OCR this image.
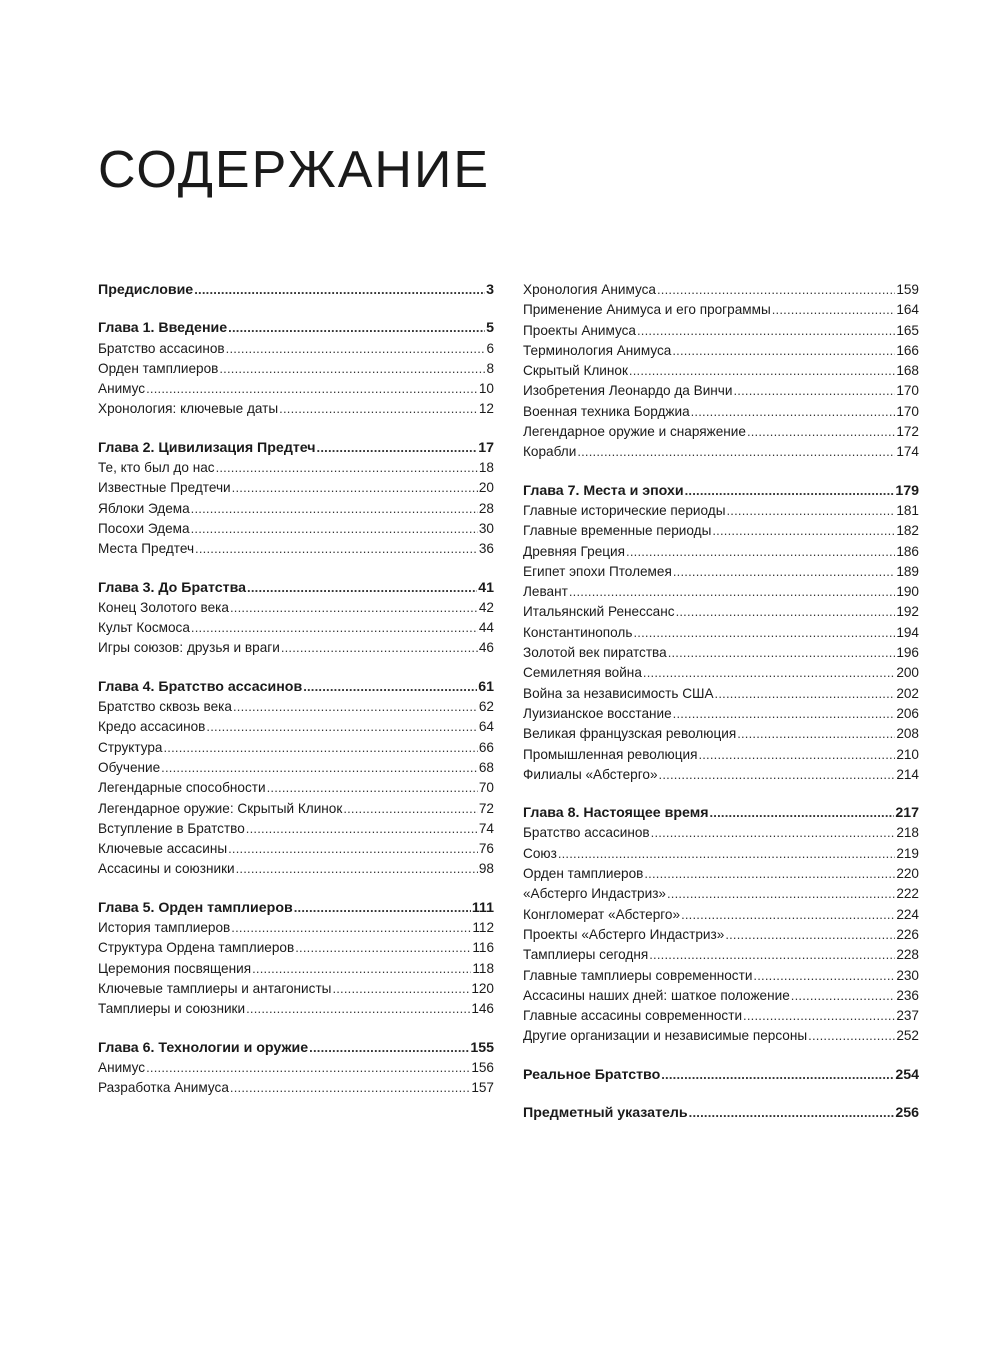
СОДЕРЖАНИЕ
Предисловие .....	3
Глава 1. Введение .....	5
Братство ассасинов .....	6
Орден тамплиеров .....	8
Анимус .....	10
Хронология: ключевые даты .....	12
Глава 2. Цивилизация Предтеч .....	17
Те, кто был до нас .....	18
Известные Предтечи .....	20
Яблоки Эдема .....	28
Посохи Эдема .....	30
Места Предтеч .....	36
Глава 3. До Братства .....	41
Конец Золотого века .....	42
Культ Космоса .....	44
Игры союзов: друзья и враги .....	46
Глава 4. Братство ассасинов .....	61
Братство сквозь века .....	62
Кредо ассасинов .....	64
Структура .....	66
Обучение .....	68
Легендарные способности .....	70
Легендарное оружие: Скрытый Клинок .....	72
Вступление в Братство .....	74
Ключевые ассасины .....	76
Ассасины и союзники .....	98
Глава 5. Орден тамплиеров .....	111
История тамплиеров .....	112
Структура Ордена тамплиеров .....	116
Церемония посвящения .....	118
Ключевые тамплиеры и антагонисты .....	120
Тамплиеры и союзники .....	146
Глава 6. Технологии и оружие .....	155
Анимус .....	156
Разработка Анимуса .....	157
Хронология Анимуса .....	159
Применение Анимуса и его программы .....	164
Проекты Анимуса .....	165
Терминология Анимуса .....	166
Скрытый Клинок .....	168
Изобретения Леонардо да Винчи .....	170
Военная техника Борджиа .....	170
Легендарное оружие и снаряжение .....	172
Корабли .....	174
Глава 7. Места и эпохи .....	179
Главные исторические периоды .....	181
Главные временные периоды .....	182
Древняя Греция .....	186
Египет эпохи Птолемея .....	189
Левант .....	190
Итальянский Ренессанс .....	192
Константинополь .....	194
Золотой век пиратства .....	196
Семилетняя война .....	200
Война за независимость США .....	202
Луизианское восстание .....	206
Великая французская революция .....	208
Промышленная революция .....	210
Филиалы «Абстерго» .....	214
Глава 8. Настоящее время .....	217
Братство ассасинов .....	218
Союз .....	219
Орден тамплиеров .....	220
«Абстерго Индастриз» .....	222
Конгломерат «Абстерго» .....	224
Проекты «Абстерго Индастриз» .....	226
Тамплиеры сегодня .....	228
Главные тамплиеры современности .....	230
Ассасины наших дней: шаткое положение .....	236
Главные ассасины современности .....	237
Другие организации и независимые персоны .....	252
Реальное Братство .....	254
Предметный указатель .....	256
